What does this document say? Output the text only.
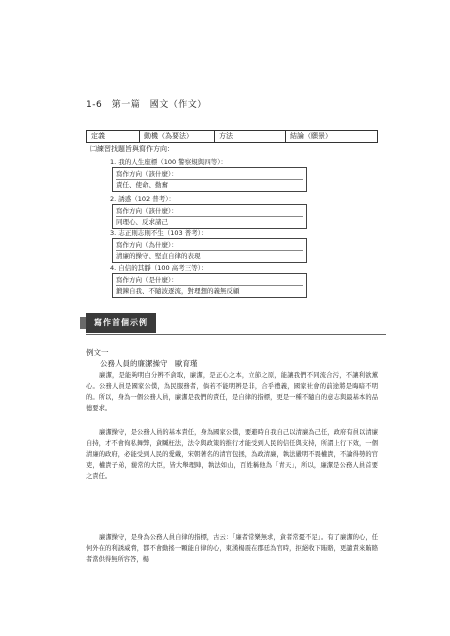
1-6　第一篇　國文（作文）
定義	動機（為要法）	方法	結論（願景）
㈡練習找題旨與寫作方向：
1. 我的人生座標（100 警察規與四等）：
寫作方向（該什麼）：
責任、使命、勤奮
2. 誘惑（102 普考）：
寫作方向（該什麼）：
同理心、反求諸己
3. 志正則志則不生（103 普考）：
寫作方向（為什麼）：
清廉的操守、堅貞自律的表現
4. 自信的其靜（100 高考三等）：
寫作方向（是什麼）：
鍛鍊自我、不隨波逐流，對理想的義無反顧
寫作首個示例
例文一
公務人員的廉潔操守　歐育瑾
廉潔，是能夠明白分辨不貪取，廉潔，是正心之本，立節之原，能讓我們不同流合污，不讓利欲薰心。公務人員是國家公僕，為民服務者，倘若不能明辨是非，合乎禮義，國家社會的前途將是晦暗不明的。所以，身為一個公務人員，廉潔是我們的責任，是自律的指標，更是一種不隨自的意志與最基本的品德要求。
廉潔操守，是公務人員的基本責任，身為國家公僕，要避時自我自己以清廉為己任，政府有員以清廉自持，才不會徇私舞弊，貪贓枉法，法令與政策的推行才能受到人民的信任與支持，所謂上行下效，一個清廉的政府，必能受到人民的愛戴，宋朝著名的清官包拯，為政清廉，執法嚴明不畏權貴，不論得勢的官吏，權貴子弟，藐常的大臣，皆大舉理陣，執法如山，百姓稱他為「青天」，所以，廉潔是公務人員首要之責任。
廉潔操守，是身為公務人員自律的指標，古云：「廉者常樂無求，貪者常憂不足」。有了廉潔的心，任何外在的利誘威脅，都不會動搖一顆能自律的心，東漢楊震在郡廷為官時，拒絕收下賄賂，更譴責來賄賂者當供得無所容答，楊
